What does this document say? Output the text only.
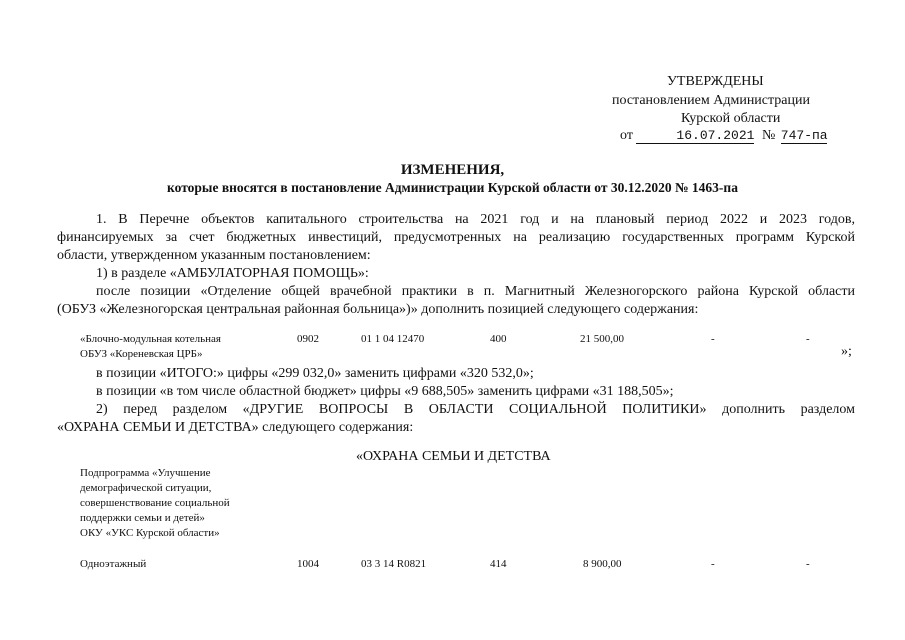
УТВЕРЖДЕНЫ
постановлением Администрации
Курской области
от	16.07.2021 № 747-па
ИЗМЕНЕНИЯ,
которые вносятся в постановление Администрации Курской области от 30.12.2020 № 1463-па
1. В Перечне объектов капитального строительства на 2021 год и на плановый период 2022 и 2023 годов,
финансируемых за счет бюджетных инвестиций, предусмотренных на реализацию государственных программ Курской
области, утвержденном указанным постановлением:
1) в разделе «АМБУЛАТОРНАЯ ПОМОЩЬ»:
после позиции «Отделение общей врачебной практики в п. Магнитный Железногорского района Курской области
(ОБУЗ «Железногорская центральная районная больница»)» дополнить позицией следующего содержания:
«Блочно-модульная котельная
ОБУЗ «Кореневская ЦРБ»
0902	01 1 04 12470	400	21 500,00	-	-
»;
в позиции «ИТОГО:» цифры «299 032,0» заменить цифрами «320 532,0»;
в позиции «в том числе областной бюджет» цифры «9 688,505» заменить цифрами «31 188,505»;
2) перед разделом «ДРУГИЕ ВОПРОСЫ В ОБЛАСТИ СОЦИАЛЬНОЙ ПОЛИТИКИ» дополнить разделом
«ОХРАНА СЕМЬИ И ДЕТСТВА» следующего содержания:
«ОХРАНА СЕМЬИ И ДЕТСТВА
Подпрограмма «Улучшение
демографической ситуации,
совершенствование социальной
поддержки семьи и детей»
ОКУ «УКС Курской области»
Одноэтажный	1004	03 3 14 R0821	414	8 900,00	-	-
